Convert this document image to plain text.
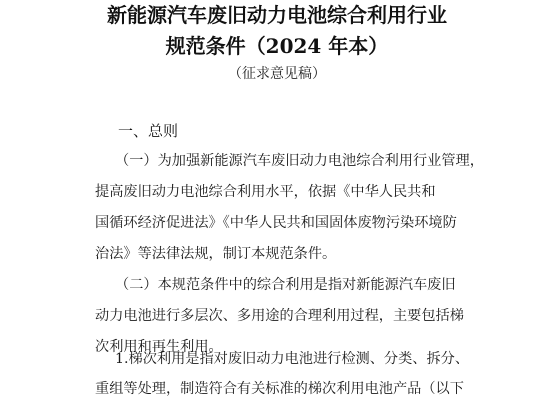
新能源汽车废旧动力电池综合利用行业
规范条件（2024 年本）
（征求意见稿）
一、总则
（一）为加强新能源汽车废旧动力电池综合利用行业管理，
提高废旧动力电池综合利用水平，依据《中华人民共和
国循环经济促进法》《中华人民共和国固体废物污染环境防
治法》等法律法规，制订本规范条件。
（二）本规范条件中的综合利用是指对新能源汽车废旧
动力电池进行多层次、多用途的合理利用过程，主要包括梯
次利用和再生利用。
1.梯次利用是指对废旧动力电池进行检测、分类、拆分、
重组等处理，制造符合有关标准的梯次利用电池产品（以下
